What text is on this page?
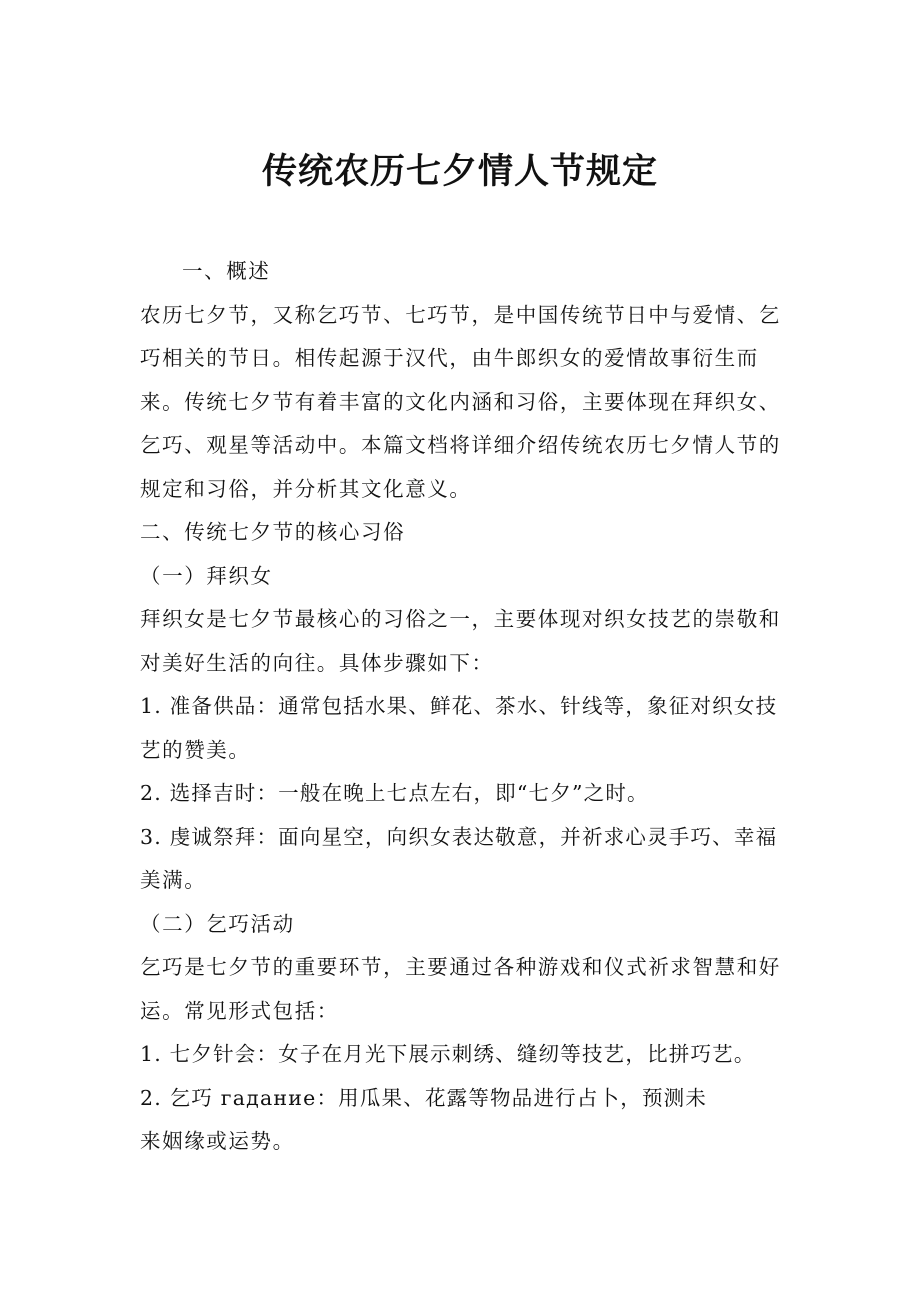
传统农历七夕情人节规定
一、概述
农历七夕节，又称乞巧节、七巧节，是中国传统节日中与爱情、乞
巧相关的节日。相传起源于汉代，由牛郎织女的爱情故事衍生而
来。传统七夕节有着丰富的文化内涵和习俗，主要体现在拜织女、
乞巧、观星等活动中。本篇文档将详细介绍传统农历七夕情人节的
规定和习俗，并分析其文化意义。
二、传统七夕节的核心习俗
（一）拜织女
拜织女是七夕节最核心的习俗之一，主要体现对织女技艺的崇敬和
对美好生活的向往。具体步骤如下：
1. 准备供品：通常包括水果、鲜花、茶水、针线等，象征对织女技
艺的赞美。
2. 选择吉时：一般在晚上七点左右，即“七夕”之时。
3. 虔诚祭拜：面向星空，向织女表达敬意，并祈求心灵手巧、幸福
美满。
（二）乞巧活动
乞巧是七夕节的重要环节，主要通过各种游戏和仪式祈求智慧和好
运。常见形式包括：
1. 七夕针会：女子在月光下展示刺绣、缝纫等技艺，比拼巧艺。
2. 乞巧 гадание：用瓜果、花露等物品进行占卜，预测未
来姻缘或运势。
